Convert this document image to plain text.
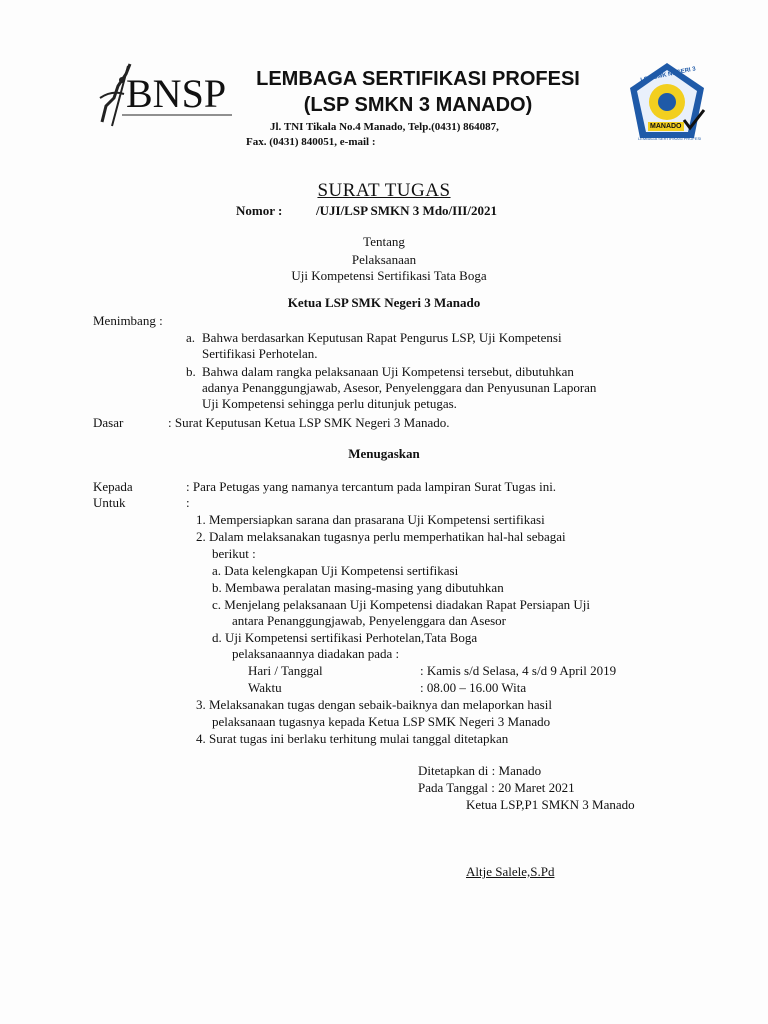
BNSP	LEMBAGA SERTIFIKASI PROFESI
(LSP SMKN 3 MANADO)
Jl. TNI Tikala No.4 Manado, Telp.(0431) 864087,
Fax. (0431) 840051, e-mail :
LSP SMK NEGERI 3
MANADO
LEMBAGA SERTIFIKASI PROFESI
SURAT TUGAS
Nomor :	/UJI/LSP SMKN 3 Mdo/III/2021
Tentang
Pelaksanaan
Uji Kompetensi Sertifikasi Tata Boga
Ketua LSP SMK Negeri 3 Manado
Menimbang :
a. Bahwa berdasarkan Keputusan Rapat Pengurus LSP, Uji Kompetensi
Sertifikasi Perhotelan.
b. Bahwa dalam rangka pelaksanaan Uji Kompetensi tersebut, dibutuhkan
adanya Penanggungjawab, Asesor, Penyelenggara dan Penyusunan Laporan
Uji Kompetensi sehingga perlu ditunjuk petugas.
Dasar	: Surat Keputusan Ketua LSP SMK Negeri 3 Manado.
Menugaskan
Kepada	: Para Petugas yang namanya tercantum pada lampiran Surat Tugas ini.
Untuk	:
1. Mempersiapkan sarana dan prasarana Uji Kompetensi sertifikasi
2. Dalam melaksanakan tugasnya perlu memperhatikan hal-hal sebagai
berikut :
a. Data kelengkapan Uji Kompetensi sertifikasi
b. Membawa peralatan masing-masing yang dibutuhkan
c. Menjelang pelaksanaan Uji Kompetensi diadakan Rapat Persiapan Uji
antara Penanggungjawab, Penyelenggara dan Asesor
d. Uji Kompetensi sertifikasi Perhotelan,Tata Boga
pelaksanaannya diadakan pada :
Hari / Tanggal	: Kamis s/d Selasa, 4 s/d 9 April 2019
Waktu	: 08.00 – 16.00 Wita
3. Melaksanakan tugas dengan sebaik-baiknya dan melaporkan hasil
pelaksanaan tugasnya kepada Ketua LSP SMK Negeri 3 Manado
4. Surat tugas ini berlaku terhitung mulai tanggal ditetapkan
Ditetapkan di : Manado
Pada Tanggal : 20 Maret 2021
Ketua LSP,P1 SMKN 3 Manado
Altje Salele,S.Pd
